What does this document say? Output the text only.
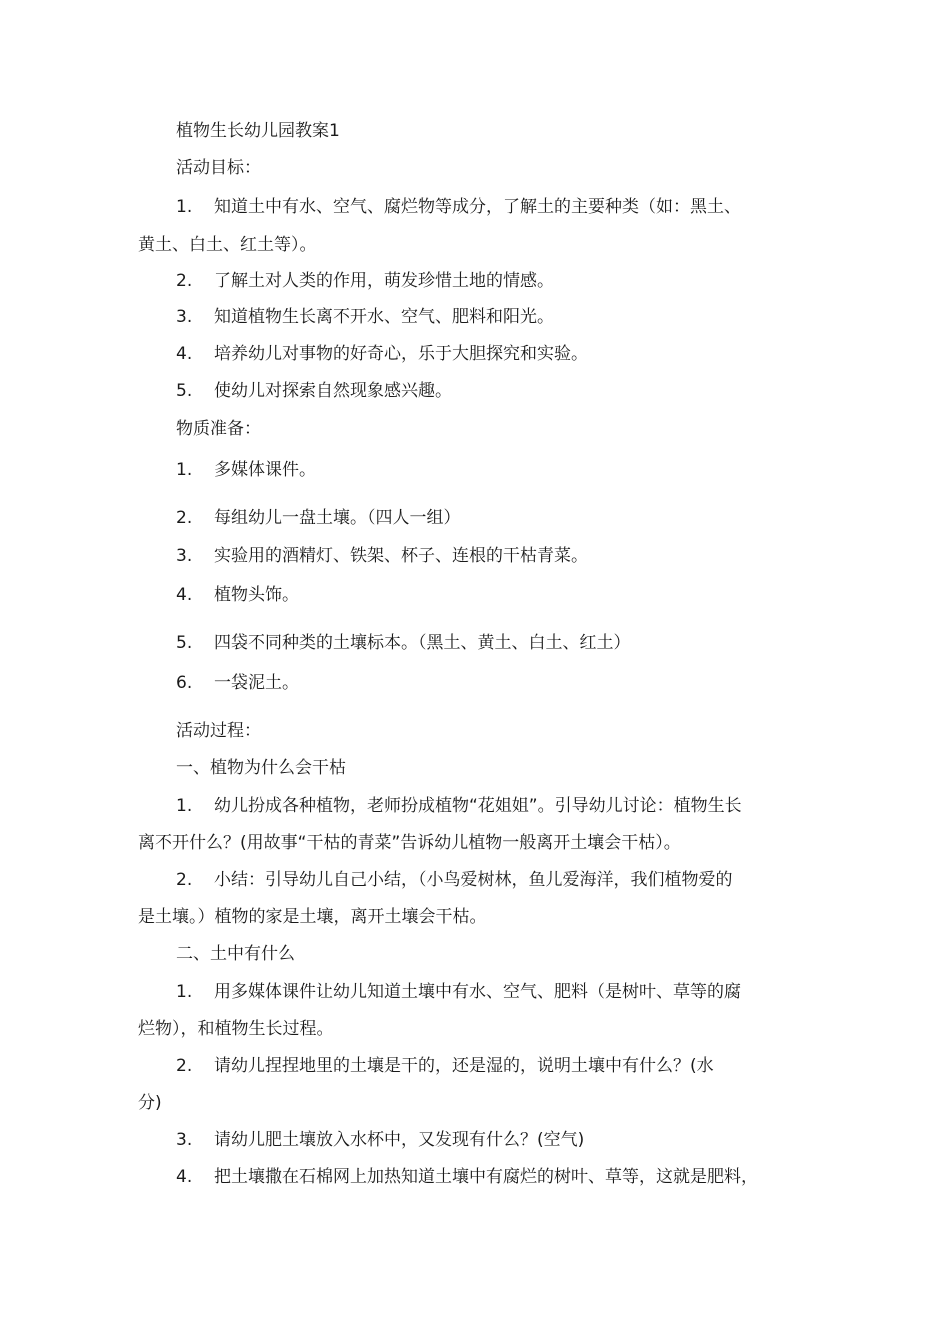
植物生长幼儿园教案1
活动目标：
1. 知道土中有水、空气、腐烂物等成分，了解土的主要种类（如：黑土、
黄土、白土、红土等）。
2. 了解土对人类的作用，萌发珍惜土地的情感。
3. 知道植物生长离不开水、空气、肥料和阳光。
4. 培养幼儿对事物的好奇心，乐于大胆探究和实验。
5. 使幼儿对探索自然现象感兴趣。
物质准备：
1. 多媒体课件。
2. 每组幼儿一盘土壤。（四人一组）
3. 实验用的酒精灯、铁架、杯子、连根的干枯青菜。
4. 植物头饰。
5. 四袋不同种类的土壤标本。（黑土、黄土、白土、红土）
6. 一袋泥土。
活动过程：
一、植物为什么会干枯
1. 幼儿扮成各种植物，老师扮成植物“花姐姐”。引导幼儿讨论：植物生长
离不开什么？(用故事“干枯的青菜”告诉幼儿植物一般离开土壤会干枯）。
2. 小结：引导幼儿自己小结，（小鸟爱树林，鱼儿爱海洋，我们植物爱的
是土壤。）植物的家是土壤，离开土壤会干枯。
二、土中有什么
1. 用多媒体课件让幼儿知道土壤中有水、空气、肥料（是树叶、草等的腐
烂物），和植物生长过程。
2. 请幼儿捏捏地里的土壤是干的，还是湿的，说明土壤中有什么？(水
分)
3. 请幼儿肥土壤放入水杯中，又发现有什么？(空气)
4. 把土壤撒在石棉网上加热知道土壤中有腐烂的树叶、草等，这就是肥料，
